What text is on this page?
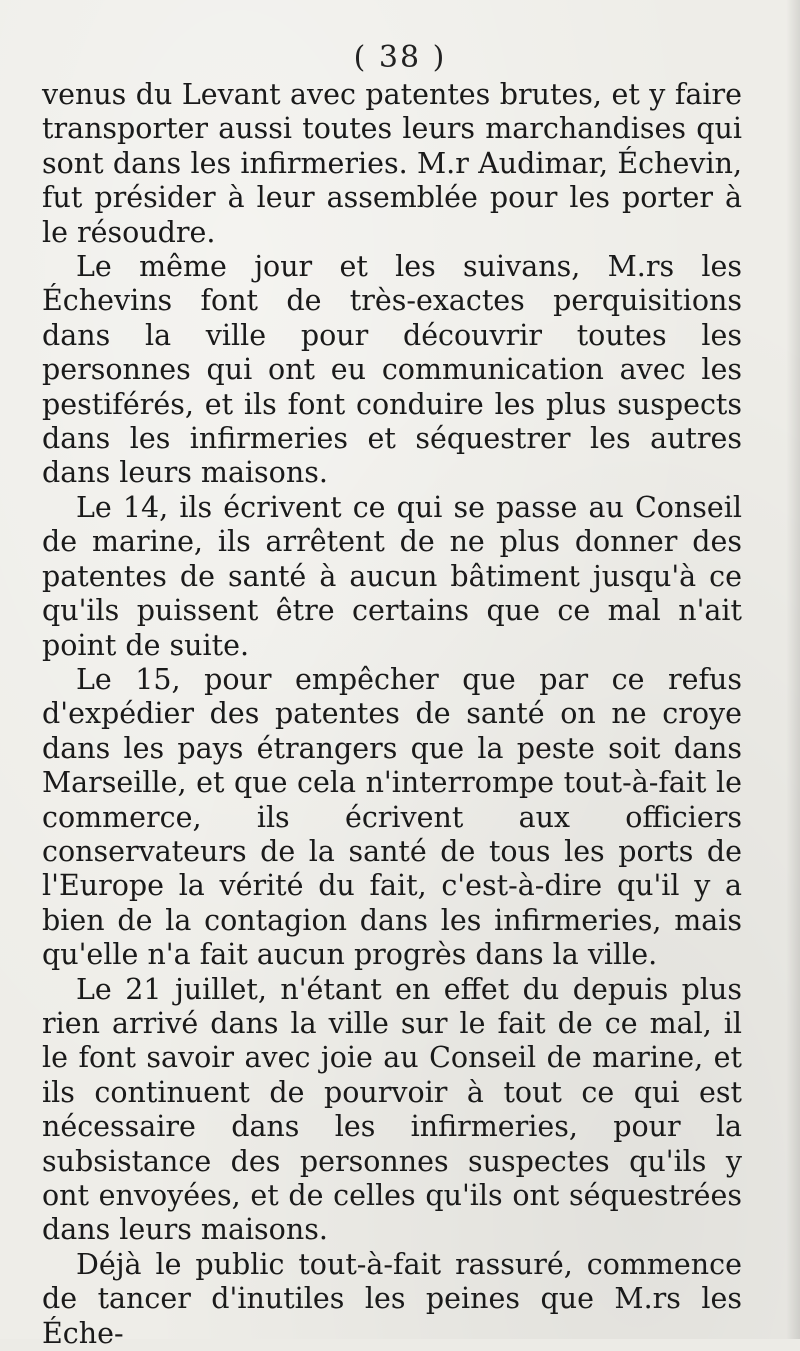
( 38 )

venus du Levant avec patentes brutes, et y faire transporter aussi toutes leurs marchandises qui sont dans les infirmeries. M.r Audimar, Échevin, fut présider à leur assemblée pour les porter à le résoudre.

Le même jour et les suivans, M.rs les Échevins font de très-exactes perquisitions dans la ville pour découvrir toutes les personnes qui ont eu communication avec les pestiférés, et ils font conduire les plus suspects dans les infirmeries et séquestrer les autres dans leurs maisons.

Le 14, ils écrivent ce qui se passe au Conseil de marine, ils arrêtent de ne plus donner des patentes de santé à aucun bâtiment jusqu'à ce qu'ils puissent être certains que ce mal n'ait point de suite.

Le 15, pour empêcher que par ce refus d'expédier des patentes de santé on ne croye dans les pays étrangers que la peste soit dans Marseille, et que cela n'interrompe tout-à-fait le commerce, ils écrivent aux officiers conservateurs de la santé de tous les ports de l'Europe la vérité du fait, c'est-à-dire qu'il y a bien de la contagion dans les infirmeries, mais qu'elle n'a fait aucun progrès dans la ville.

Le 21 juillet, n'étant en effet du depuis plus rien arrivé dans la ville sur le fait de ce mal, il le font savoir avec joie au Conseil de marine, et ils continuent de pourvoir à tout ce qui est nécessaire dans les infirmeries, pour la subsistance des personnes suspectes qu'ils y ont envoyées, et de celles qu'ils ont séquestrées dans leurs maisons.

Déjà le public tout-à-fait rassuré, commence de tancer d'inutiles les peines que M.rs les Éche-
